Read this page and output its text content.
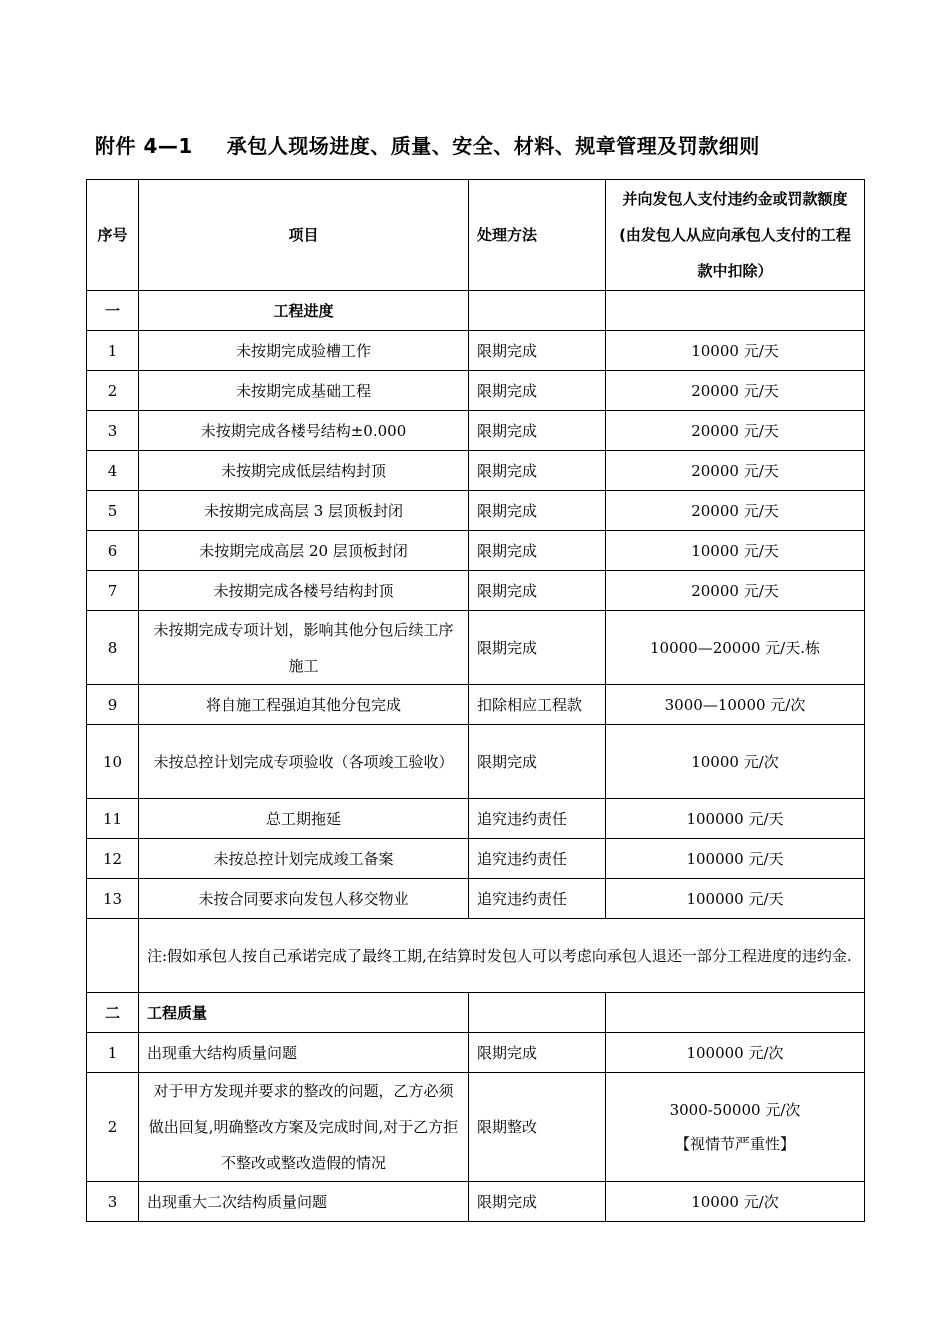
附件 4—1 承包人现场进度、质量、安全、材料、规章管理及罚款细则
序号	项目	处理方法	并向发包人支付违约金或罚款额度(由发包人从应向承包人支付的工程款中扣除）
一	工程进度		
1	未按期完成验槽工作	限期完成	10000 元/天
2	未按期完成基础工程	限期完成	20000 元/天
3	未按期完成各楼号结构±0.000	限期完成	20000 元/天
4	未按期完成低层结构封顶	限期完成	20000 元/天
5	未按期完成高层 3 层顶板封闭	限期完成	20000 元/天
6	未按期完成高层 20 层顶板封闭	限期完成	10000 元/天
7	未按期完成各楼号结构封顶	限期完成	20000 元/天
8	未按期完成专项计划，影响其他分包后续工序施工	限期完成	10000—20000 元/天.栋
9	将自施工程强迫其他分包完成	扣除相应工程款	3000—10000 元/次
10	未按总控计划完成专项验收（各项竣工验收）	限期完成	10000 元/次
11	总工期拖延	追究违约责任	100000 元/天
12	未按总控计划完成竣工备案	追究违约责任	100000 元/天
13	未按合同要求向发包人移交物业	追究违约责任	100000 元/天
	注:假如承包人按自己承诺完成了最终工期,在结算时发包人可以考虑向承包人退还一部分工程进度的违约金.		
二	工程质量		
1	出现重大结构质量问题	限期完成	100000 元/次
2	对于甲方发现并要求的整改的问题，乙方必须做出回复,明确整改方案及完成时间,对于乙方拒不整改或整改造假的情况	限期整改	3000-50000 元/次
【视情节严重性】

3	出现重大二次结构质量问题	限期完成	10000 元/次
